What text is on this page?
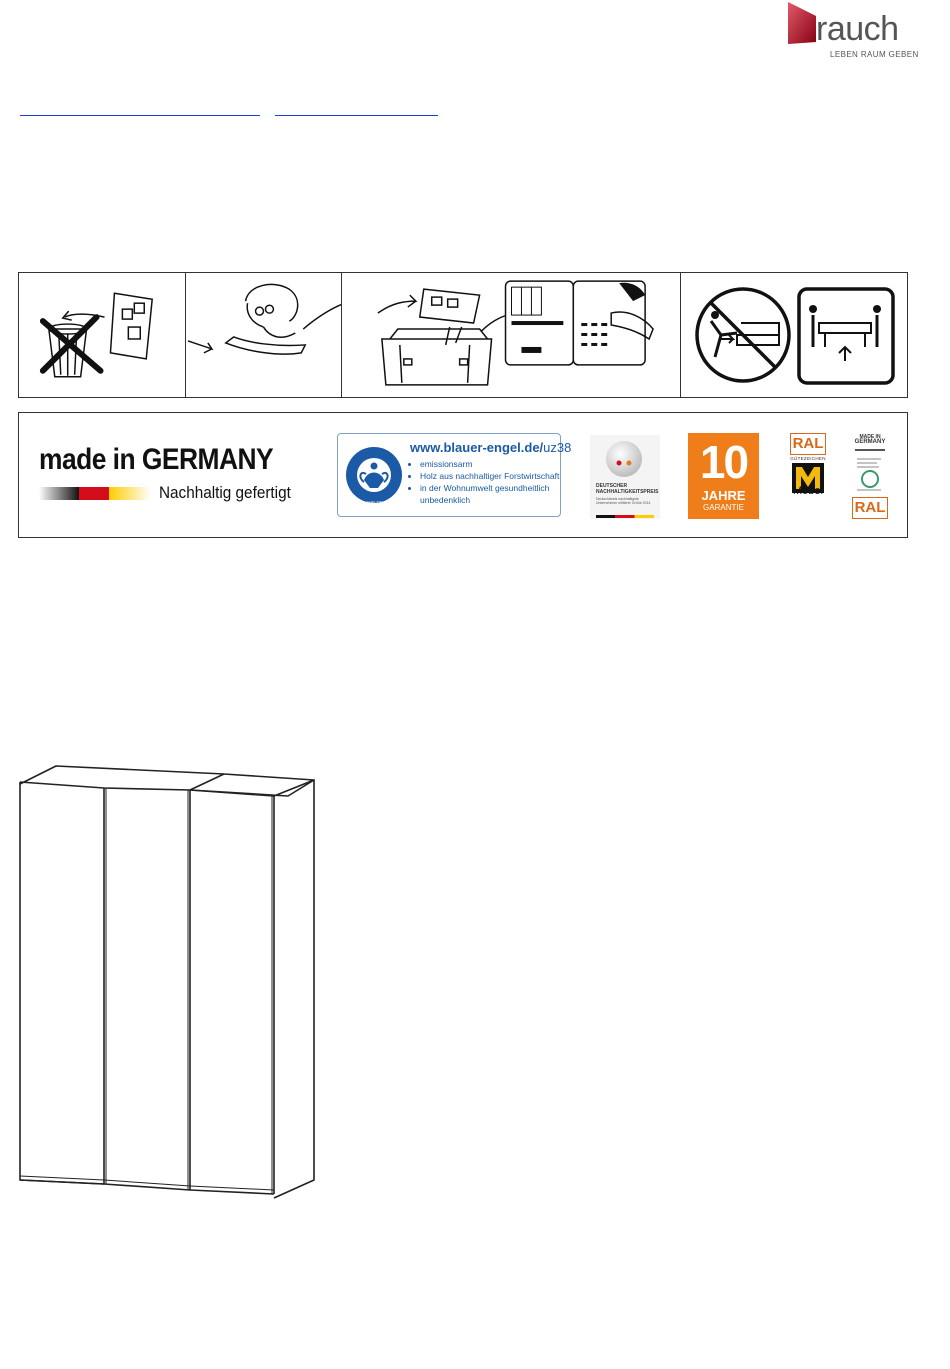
rauch
LEBEN RAUM GEBEN
made in GERMANY
Nachhaltig gefertigt
www.blauer-engel.de/uz38
• emissionsarm
• Holz aus nachhaltiger Forstwirtschaft
• in der Wohnumwelt gesundheitlich unbedenklich
BLAUER ENGEL
DAS UMWELTZEICHEN
DEUTSCHER NACHHALTIGKEITSPREIS
Deutschlands nachhaltigste Unternehmen mittlerer Größe 2014
10
JAHRE
GARANTIE
RAL
GÜTEZEICHEN
Möbel
MADE IN
GERMANY
RAL
